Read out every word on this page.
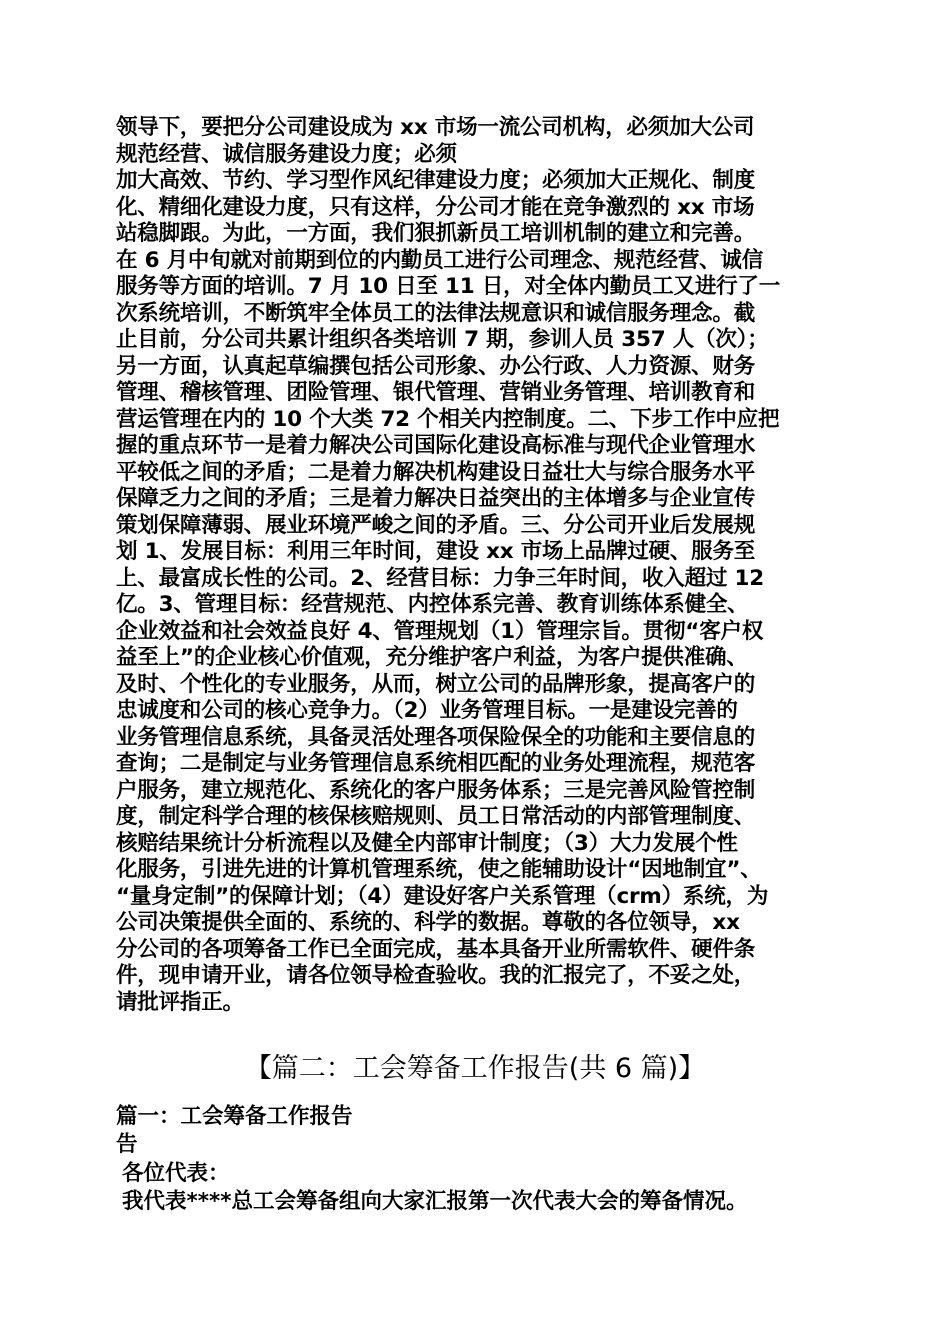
领导下，要把分公司建设成为 xx 市场一流公司机构，必须加大公司
规范经营、诚信服务建设力度；必须
加大高效、节约、学习型作风纪律建设力度；必须加大正规化、制度
化、精细化建设力度，只有这样，分公司才能在竞争激烈的 xx 市场
站稳脚跟。为此，一方面，我们狠抓新员工培训机制的建立和完善。
在 6 月中旬就对前期到位的内勤员工进行公司理念、规范经营、诚信
服务等方面的培训。7 月 10 日至 11 日，对全体内勤员工又进行了一
次系统培训，不断筑牢全体员工的法律法规意识和诚信服务理念。截
止目前，分公司共累计组织各类培训 7 期，参训人员 357 人（次）；
另一方面，认真起草编撰包括公司形象、办公行政、人力资源、财务
管理、稽核管理、团险管理、银代管理、营销业务管理、培训教育和
营运管理在内的 10 个大类 72 个相关内控制度。二、下步工作中应把
握的重点环节一是着力解决公司国际化建设高标准与现代企业管理水
平较低之间的矛盾；二是着力解决机构建设日益壮大与综合服务水平
保障乏力之间的矛盾；三是着力解决日益突出的主体增多与企业宣传
策划保障薄弱、展业环境严峻之间的矛盾。三、分公司开业后发展规
划 1、发展目标：利用三年时间，建设 xx 市场上品牌过硬、服务至
上、最富成长性的公司。2、经营目标：力争三年时间，收入超过 12
亿。3、管理目标：经营规范、内控体系完善、教育训练体系健全、
企业效益和社会效益良好 4、管理规划（1）管理宗旨。贯彻“客户权
益至上”的企业核心价值观，充分维护客户利益，为客户提供准确、
及时、个性化的专业服务，从而，树立公司的品牌形象，提高客户的
忠诚度和公司的核心竞争力。（2）业务管理目标。一是建设完善的
业务管理信息系统，具备灵活处理各项保险保全的功能和主要信息的
查询；二是制定与业务管理信息系统相匹配的业务处理流程，规范客
户服务，建立规范化、系统化的客户服务体系；三是完善风险管控制
度，制定科学合理的核保核赔规则、员工日常活动的内部管理制度、
核赔结果统计分析流程以及健全内部审计制度；（3）大力发展个性
化服务，引进先进的计算机管理系统，使之能辅助设计“因地制宜”、
“量身定制”的保障计划；（4）建设好客户关系管理（crm）系统，为
公司决策提供全面的、系统的、科学的数据。尊敬的各位领导，xx
分公司的各项筹备工作已全面完成，基本具备开业所需软件、硬件条
件，现申请开业，请各位领导检查验收。我的汇报完了，不妥之处，
请批评指正。
【篇二：工会筹备工作报告(共 6 篇)】
篇一：工会筹备工作报告
告
各位代表：
我代表****总工会筹备组向大家汇报第一次代表大会的筹备情况。
